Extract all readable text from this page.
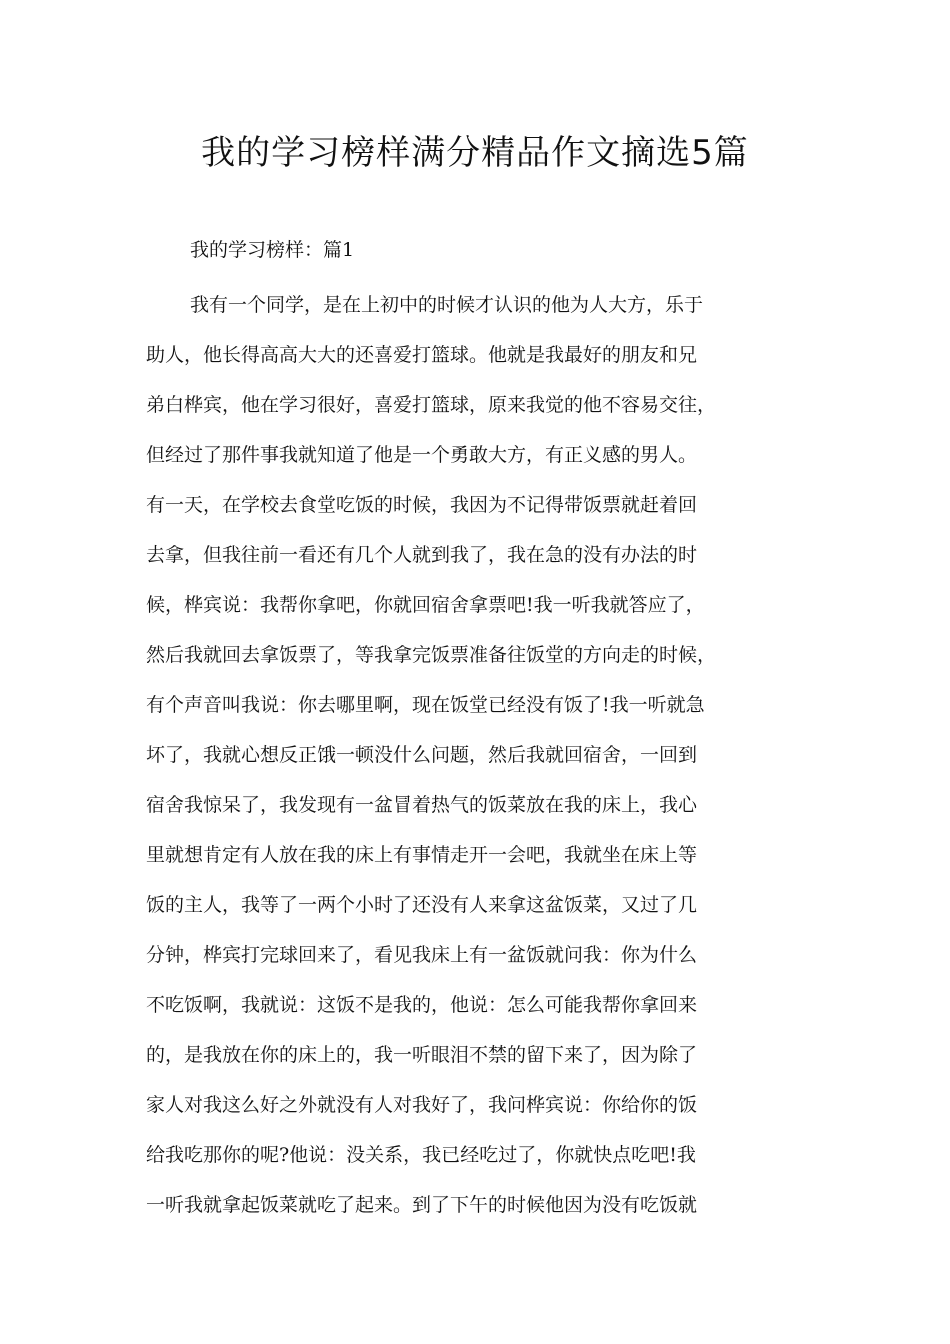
我的学习榜样满分精品作文摘选5篇

我的学习榜样：篇1

我有一个同学，是在上初中的时候才认识的他为人大方，乐于
助人，他长得高高大大的还喜爱打篮球。他就是我最好的朋友和兄
弟白桦宾，他在学习很好，喜爱打篮球，原来我觉的他不容易交往，
但经过了那件事我就知道了他是一个勇敢大方，有正义感的男人。
有一天，在学校去食堂吃饭的时候，我因为不记得带饭票就赶着回
去拿，但我往前一看还有几个人就到我了，我在急的没有办法的时
候，桦宾说：我帮你拿吧，你就回宿舍拿票吧!我一听我就答应了，
然后我就回去拿饭票了，等我拿完饭票准备往饭堂的方向走的时候，
有个声音叫我说：你去哪里啊，现在饭堂已经没有饭了!我一听就急
坏了，我就心想反正饿一顿没什么问题，然后我就回宿舍，一回到
宿舍我惊呆了，我发现有一盆冒着热气的饭菜放在我的床上，我心
里就想肯定有人放在我的床上有事情走开一会吧，我就坐在床上等
饭的主人，我等了一两个小时了还没有人来拿这盆饭菜，又过了几
分钟，桦宾打完球回来了，看见我床上有一盆饭就问我：你为什么
不吃饭啊，我就说：这饭不是我的，他说：怎么可能我帮你拿回来
的，是我放在你的床上的，我一听眼泪不禁的留下来了，因为除了
家人对我这么好之外就没有人对我好了，我问桦宾说：你给你的饭
给我吃那你的呢?他说：没关系，我已经吃过了，你就快点吃吧!我
一听我就拿起饭菜就吃了起来。到了下午的时候他因为没有吃饭就
